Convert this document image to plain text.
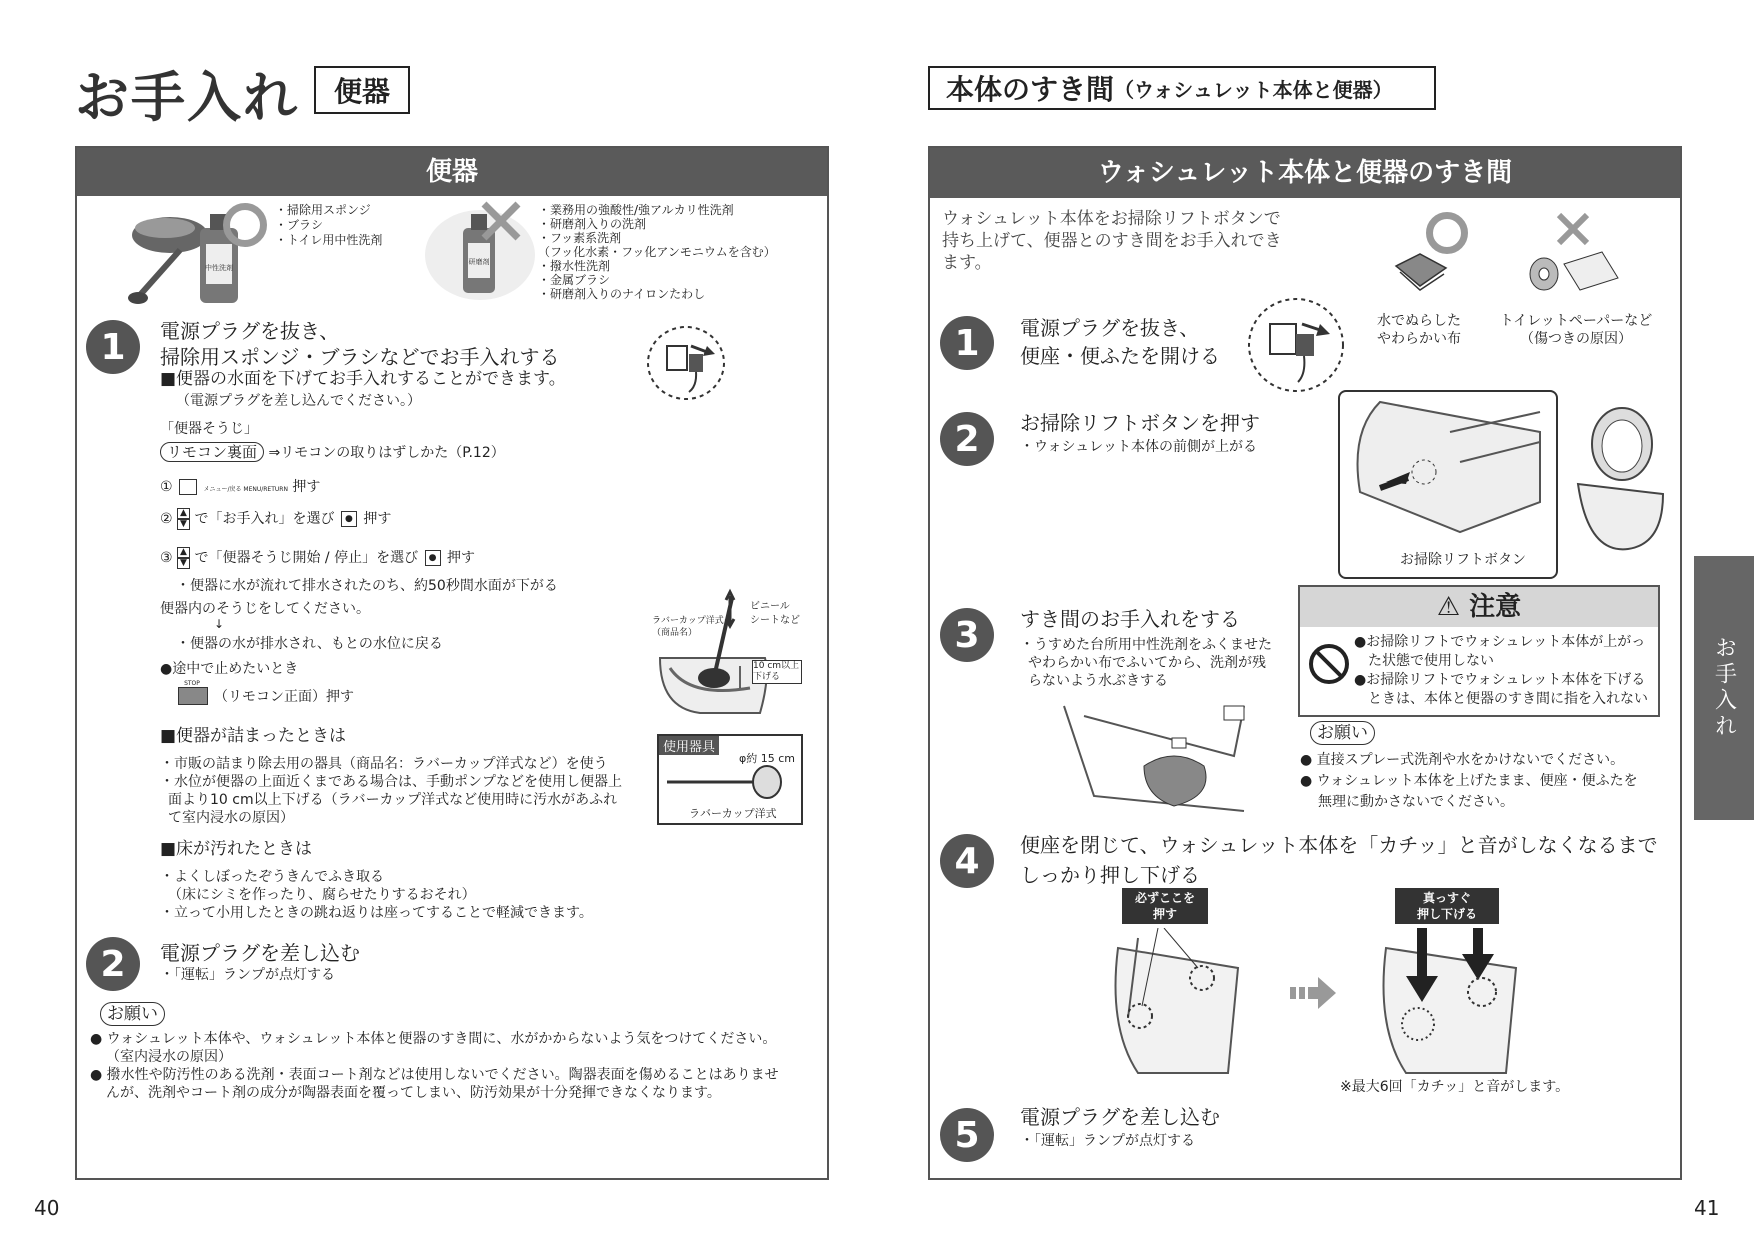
お手入れ 便器
便器
中性洗剤
・掃除用スポンジ
・ブラシ
・トイレ用中性洗剤
研磨剤
・業務用の強酸性/強アルカリ性洗剤
・研磨剤入りの洗剤
・フッ素系洗剤
（フッ化水素・フッ化アンモニウムを含む）
・撥水性洗剤
・金属ブラシ
・研磨剤入りのナイロンたわし
1	電源プラグを抜き、
掃除用スポンジ・ブラシなどでお手入れする
■便器の水面を下げてお手入れすることができます。
（電源プラグを差し込んでください。）
「便器そうじ」
リモコン裏面 ⇒リモコンの取りはずしかた（P.12）
①	メニュー/戻る MENU/RETURN 押す
② ▲
▼ で「お手入れ」を選び ● 押す
③ ▲
▼ で「便器そうじ開始 / 停止」を選び ● 押す
・便器に水が流れて排水されたのち、約50秒間水面が下がる
便器内のそうじをしてください。
↓
・便器の水が排水され、もとの水位に戻る
●途中で止めたいとき
STOP
（リモコン正面）押す
ラバーカップ洋式
（商品名）
ビニール シートなど
10 cm以上 下げる
■便器が詰まったときは
・市販の詰まり除去用の器具（商品名：ラバーカップ洋式など）を使う
・水位が便器の上面近くまである場合は、手動ポンプなどを使用し便器上
面より10 cm以上下げる（ラバーカップ洋式など使用時に汚水があふれ
て室内浸水の原因）
使用器具
φ約 15 cm
ラバーカップ洋式
■床が汚れたときは
・よくしぼったぞうきんでふき取る
（床にシミを作ったり、腐らせたりするおそれ）
・立って小用したときの跳ね返りは座ってすることで軽減できます。
2	電源プラグを差し込む
・「運転」ランプが点灯する
お願い
● ウォシュレット本体や、ウォシュレット本体と便器のすき間に、水がかからないよう気をつけてください。
（室内浸水の原因）
● 撥水性や防汚性のある洗剤・表面コート剤などは使用しないでください。陶器表面を傷めることはありませ
んが、洗剤やコート剤の成分が陶器表面を覆ってしまい、防汚効果が十分発揮できなくなります。
40
本体のすき間 （ウォシュレット本体と便器）
ウォシュレット本体と便器のすき間
ウォシュレット本体をお掃除リフトボタンで
持ち上げて、便器とのすき間をお手入れでき
ます。
水でぬらした
やわらかい布
トイレットペーパーなど
（傷つきの原因）
1	電源プラグを抜き、
便座・便ふたを開ける
2	お掃除リフトボタンを押す
・ウォシュレット本体の前側が上がる
お掃除リフトボタン
3	すき間のお手入れをする
・うすめた台所用中性洗剤をふくませた
やわらかい布でふいてから、洗剤が残
らないよう水ぶきする
⚠ 注意
●お掃除リフトでウォシュレット本体が上がっ
た状態で使用しない
●お掃除リフトでウォシュレット本体を下げる
ときは、本体と便器のすき間に指を入れない
お願い
● 直接スプレー式洗剤や水をかけないでください。
● ウォシュレット本体を上げたまま、便座・便ふたを
無理に動かさないでください。
4	便座を閉じて、ウォシュレット本体を「カチッ」と音がしなくなるまで
しっかり押し下げる
必ずここを
押す
真っすぐ
押し下げる
※最大6回「カチッ」と音がします。
5	電源プラグを差し込む
・「運転」ランプが点灯する
お手入れ
41
